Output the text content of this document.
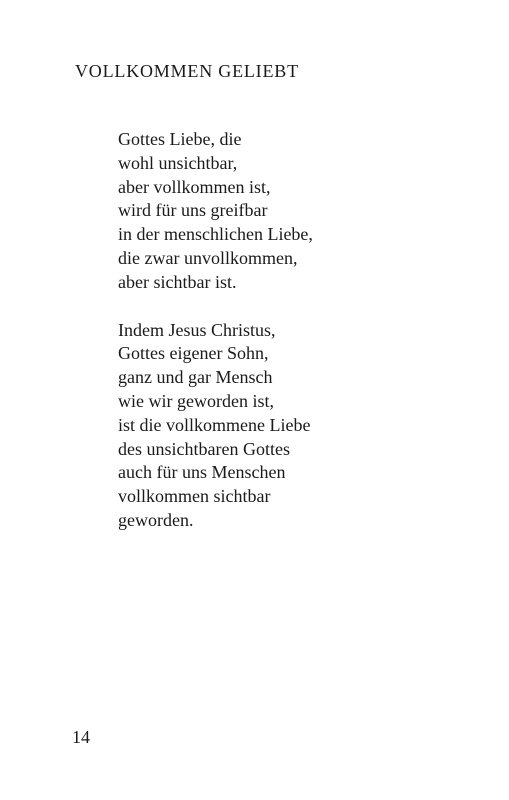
VOLLKOMMEN GELIEBT
Gottes Liebe, die
wohl unsichtbar,
aber vollkommen ist,
wird für uns greifbar
in der menschlichen Liebe,
die zwar unvollkommen,
aber sichtbar ist.
Indem Jesus Christus,
Gottes eigener Sohn,
ganz und gar Mensch
wie wir geworden ist,
ist die vollkommene Liebe
des unsichtbaren Gottes
auch für uns Menschen
vollkommen sichtbar
geworden.
14
